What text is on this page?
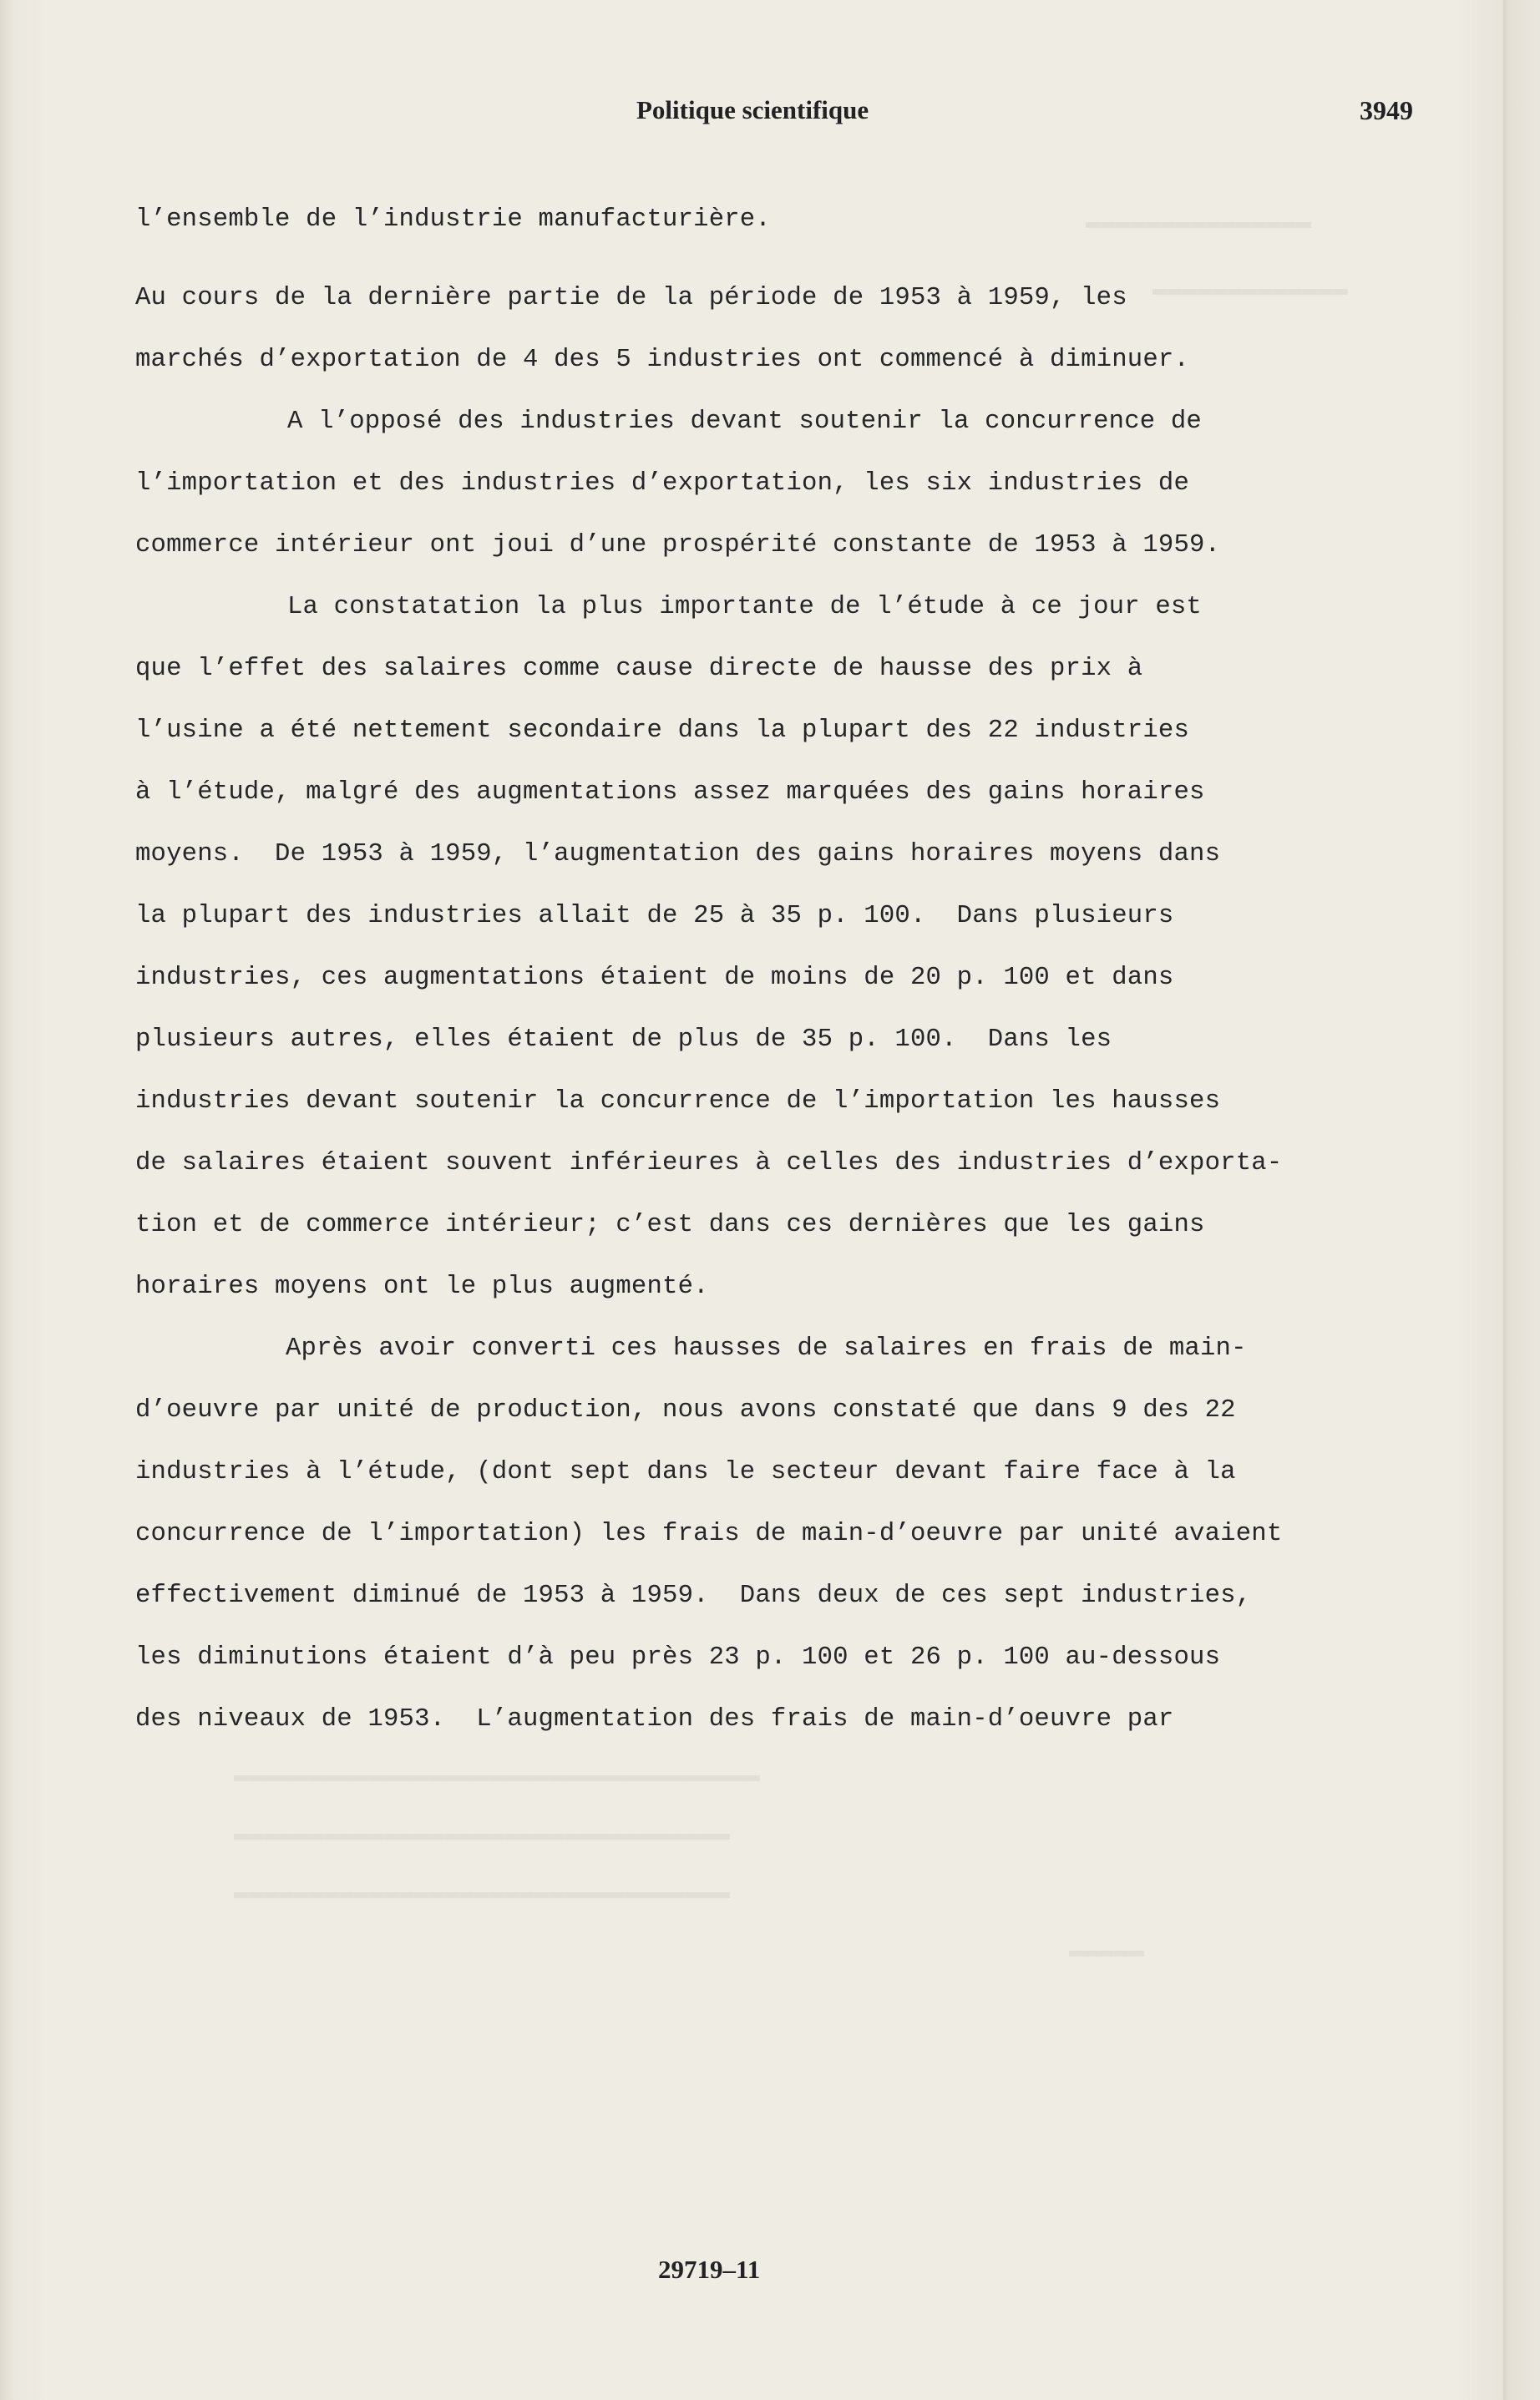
▬▬▬▬▬▬▬▬▬▬▬▬▬▬▬
▬▬▬▬▬▬▬▬▬▬▬▬▬
▬▬▬▬▬▬▬▬▬▬▬▬▬▬▬▬▬▬▬▬▬▬▬▬▬▬▬▬▬▬▬▬▬▬▬
▬▬▬▬▬▬▬▬▬▬▬▬▬▬▬▬▬▬▬▬▬▬▬▬▬▬▬▬▬▬▬▬▬
▬▬▬▬▬▬▬▬▬▬▬▬▬▬▬▬▬▬▬▬▬▬▬▬▬▬▬▬▬▬▬▬▬
▬▬▬▬▬
Politique scientifique	3949
l’ensemble de l’industrie manufacturière.
Au cours de la dernière partie de la période de 1953 à 1959, les
marchés d’exportation de 4 des 5 industries ont commencé à diminuer.
A l’opposé des industries devant soutenir la concurrence de
l’importation et des industries d’exportation, les six industries de
commerce intérieur ont joui d’une prospérité constante de 1953 à 1959.
La constatation la plus importante de l’étude à ce jour est
que l’effet des salaires comme cause directe de hausse des prix à
l’usine a été nettement secondaire dans la plupart des 22 industries
à l’étude, malgré des augmentations assez marquées des gains horaires
moyens.  De 1953 à 1959, l’augmentation des gains horaires moyens dans
la plupart des industries allait de 25 à 35 p. 100.  Dans plusieurs
industries, ces augmentations étaient de moins de 20 p. 100 et dans
plusieurs autres, elles étaient de plus de 35 p. 100.  Dans les
industries devant soutenir la concurrence de l’importation les hausses
de salaires étaient souvent inférieures à celles des industries d’exporta-
tion et de commerce intérieur; c’est dans ces dernières que les gains
horaires moyens ont le plus augmenté.
Après avoir converti ces hausses de salaires en frais de main-
d’oeuvre par unité de production, nous avons constaté que dans 9 des 22
industries à l’étude, (dont sept dans le secteur devant faire face à la
concurrence de l’importation) les frais de main-d’oeuvre par unité avaient
effectivement diminué de 1953 à 1959.  Dans deux de ces sept industries,
les diminutions étaient d’à peu près 23 p. 100 et 26 p. 100 au-dessous
des niveaux de 1953.  L’augmentation des frais de main-d’oeuvre par
29719–11
